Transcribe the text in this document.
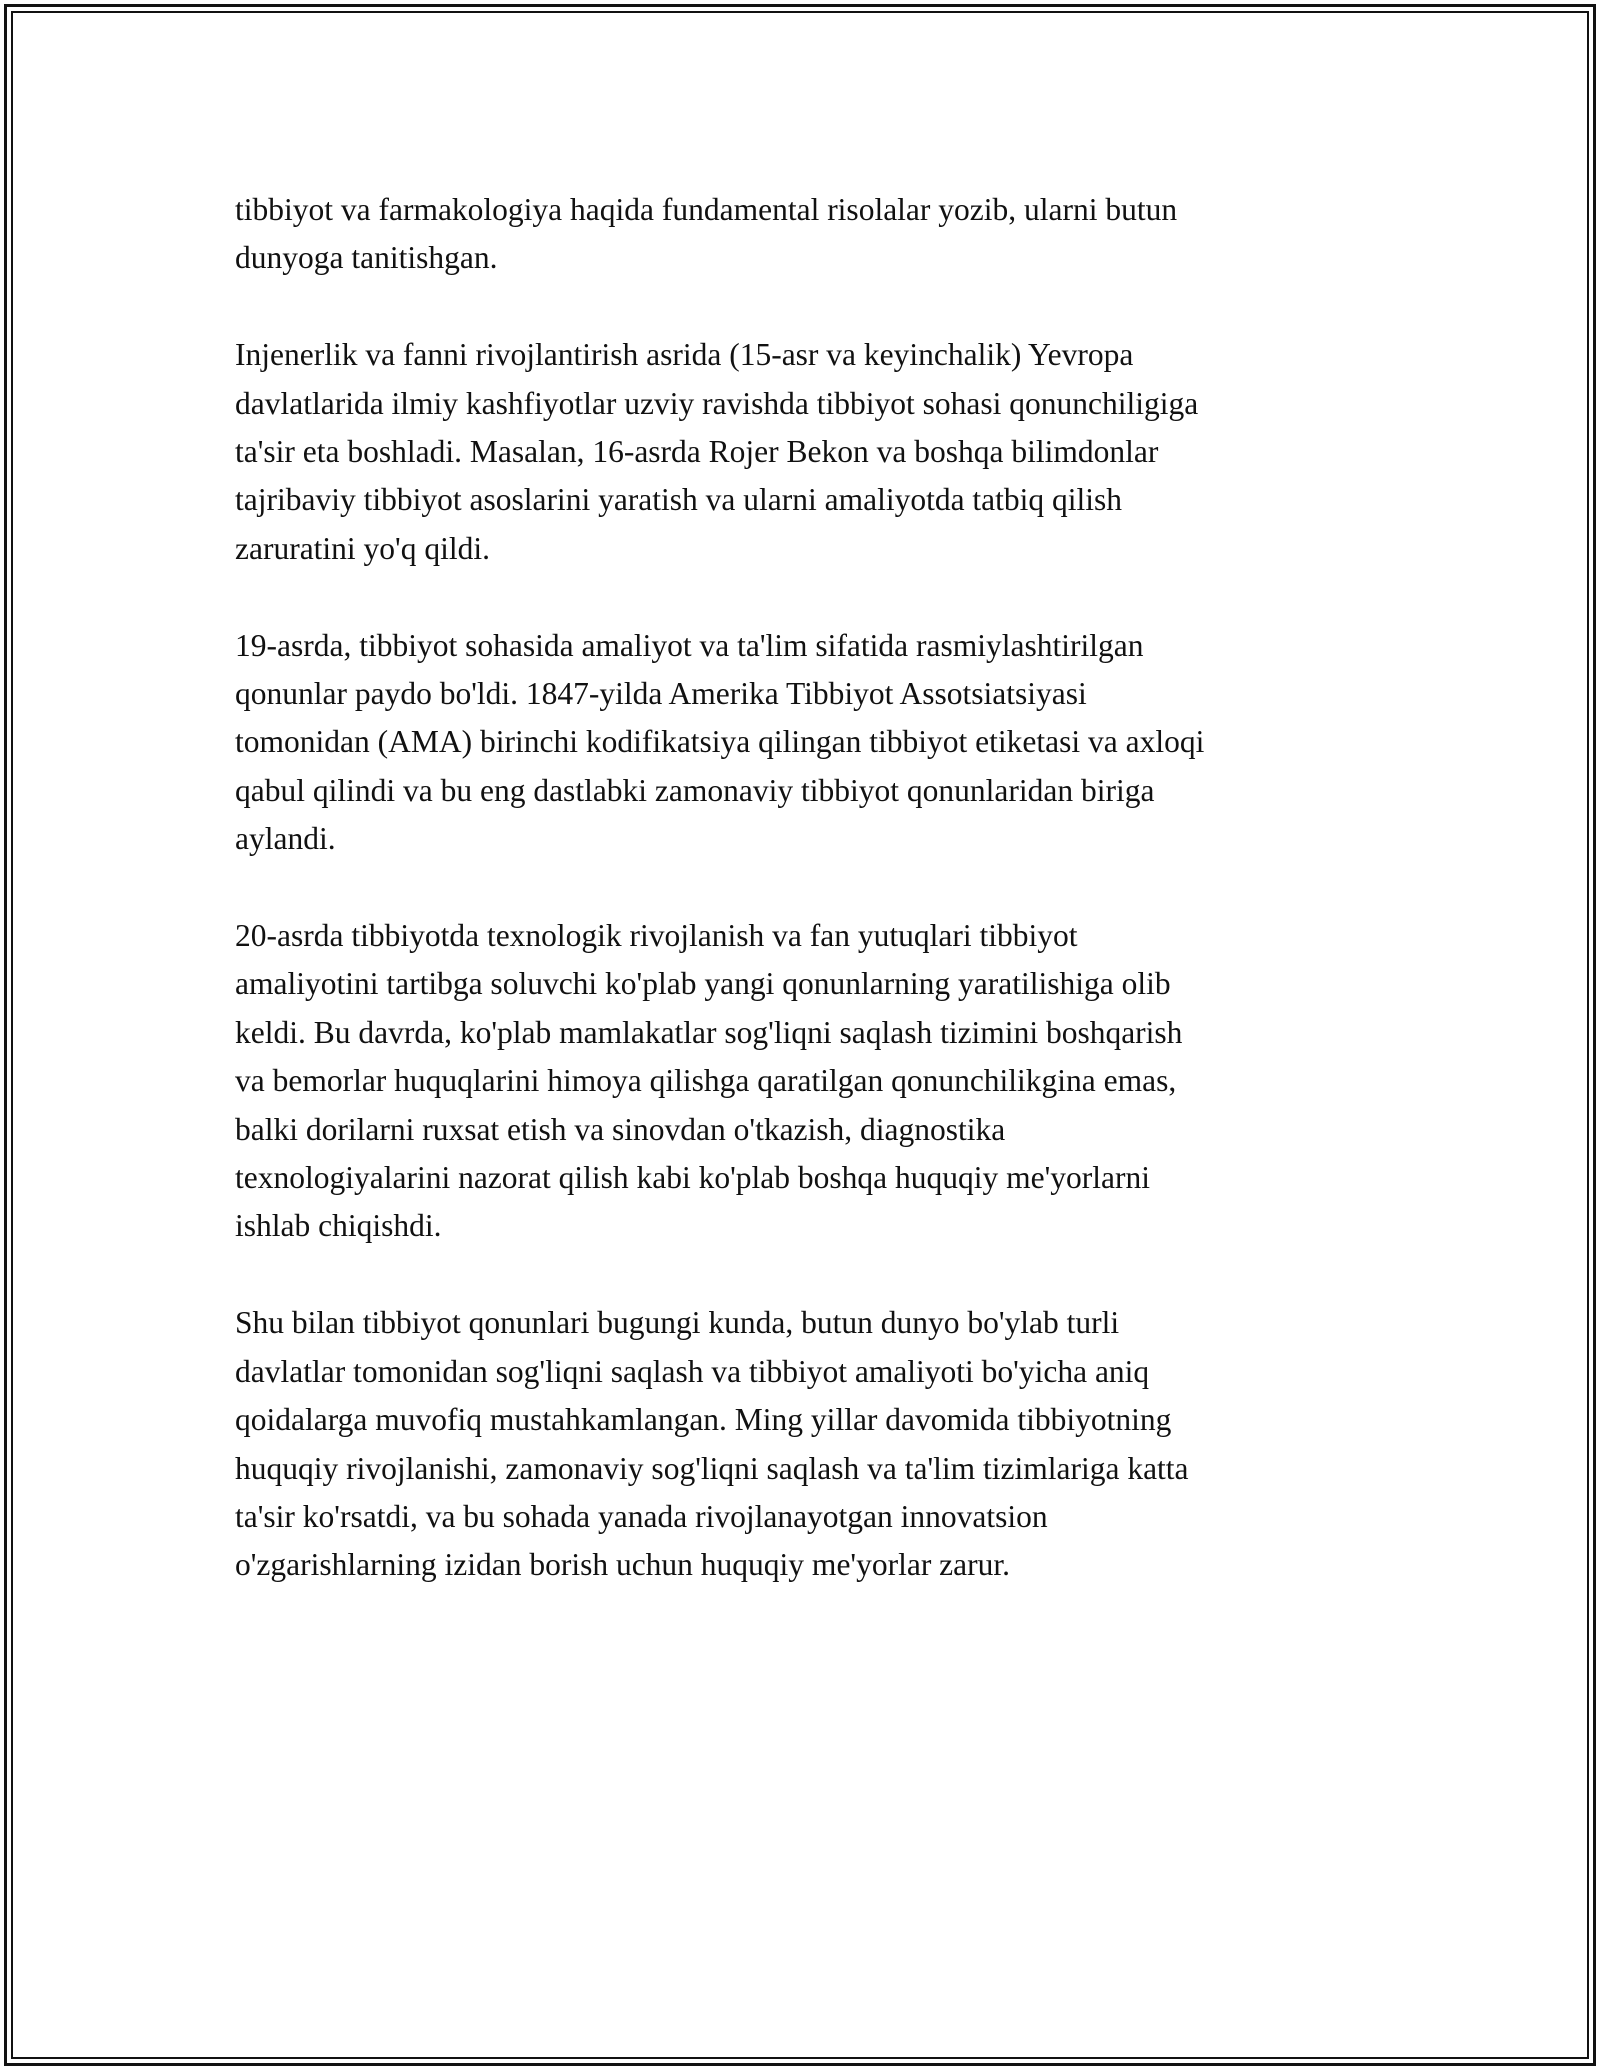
tibbiyot va farmakologiya haqida fundamental risolalar yozib, ularni butun
dunyoga tanitishgan.

Injenerlik va fanni rivojlantirish asrida (15-asr va keyinchalik) Yevropa
davlatlarida ilmiy kashfiyotlar uzviy ravishda tibbiyot sohasi qonunchiligiga
ta'sir eta boshladi. Masalan, 16-asrda Rojer Bekon va boshqa bilimdonlar
tajribaviy tibbiyot asoslarini yaratish va ularni amaliyotda tatbiq qilish
zaruratini yo'q qildi.

19-asrda, tibbiyot sohasida amaliyot va ta'lim sifatida rasmiylashtirilgan
qonunlar paydo bo'ldi. 1847-yilda Amerika Tibbiyot Assotsiatsiyasi
tomonidan (AMA) birinchi kodifikatsiya qilingan tibbiyot etiketasi va axloqi
qabul qilindi va bu eng dastlabki zamonaviy tibbiyot qonunlaridan biriga
aylandi.

20-asrda tibbiyotda texnologik rivojlanish va fan yutuqlari tibbiyot
amaliyotini tartibga soluvchi ko'plab yangi qonunlarning yaratilishiga olib
keldi. Bu davrda, ko'plab mamlakatlar sog'liqni saqlash tizimini boshqarish
va bemorlar huquqlarini himoya qilishga qaratilgan qonunchilikgina emas,
balki dorilarni ruxsat etish va sinovdan o'tkazish, diagnostika
texnologiyalarini nazorat qilish kabi ko'plab boshqa huquqiy me'yorlarni
ishlab chiqishdi.

Shu bilan tibbiyot qonunlari bugungi kunda, butun dunyo bo'ylab turli
davlatlar tomonidan sog'liqni saqlash va tibbiyot amaliyoti bo'yicha aniq
qoidalarga muvofiq mustahkamlangan. Ming yillar davomida tibbiyotning
huquqiy rivojlanishi, zamonaviy sog'liqni saqlash va ta'lim tizimlariga katta
ta'sir ko'rsatdi, va bu sohada yanada rivojlanayotgan innovatsion
o'zgarishlarning izidan borish uchun huquqiy me'yorlar zarur.
